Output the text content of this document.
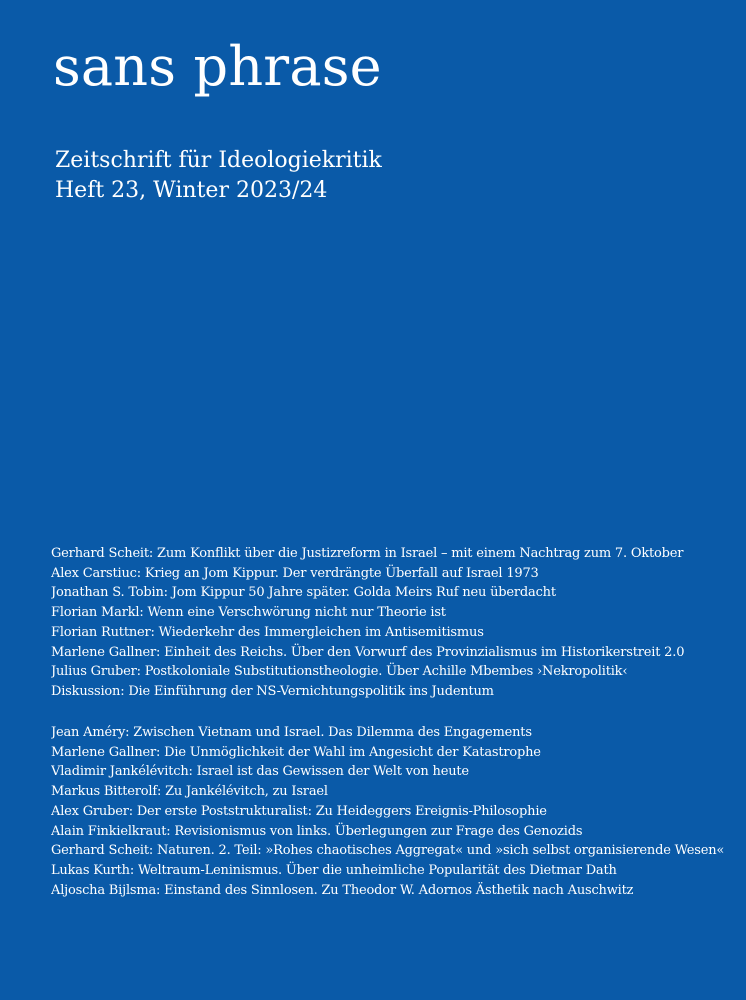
sans phrase
Zeitschrift für Ideologiekritik
Heft 23, Winter 2023/24
Gerhard Scheit: Zum Konflikt über die Justizreform in Israel – mit einem Nachtrag zum 7. Oktober
Alex Carstiuc: Krieg an Jom Kippur. Der verdrängte Überfall auf Israel 1973
Jonathan S. Tobin: Jom Kippur 50 Jahre später. Golda Meirs Ruf neu überdacht
Florian Markl: Wenn eine Verschwörung nicht nur Theorie ist
Florian Ruttner: Wiederkehr des Immergleichen im Antisemitismus
Marlene Gallner: Einheit des Reichs. Über den Vorwurf des Provinzialismus im Historikerstreit 2.0
Julius Gruber: Postkoloniale Substitutionstheologie. Über Achille Mbembes ›Nekropolitik‹
Diskussion: Die Einführung der NS-Vernichtungspolitik ins Judentum
Jean Améry: Zwischen Vietnam und Israel. Das Dilemma des Engagements
Marlene Gallner: Die Unmöglichkeit der Wahl im Angesicht der Katastrophe
Vladimir Jankélévitch: Israel ist das Gewissen der Welt von heute
Markus Bitterolf: Zu Jankélévitch, zu Israel
Alex Gruber: Der erste Poststrukturalist: Zu Heideggers Ereignis-Philosophie
Alain Finkielkraut: Revisionismus von links. Überlegungen zur Frage des Genozids
Gerhard Scheit: Naturen. 2. Teil: »Rohes chaotisches Aggregat« und »sich selbst organisierende Wesen«
Lukas Kurth: Weltraum-Leninismus. Über die unheimliche Popularität des Dietmar Dath
Aljoscha Bijlsma: Einstand des Sinnlosen. Zu Theodor W. Adornos Ästhetik nach Auschwitz
